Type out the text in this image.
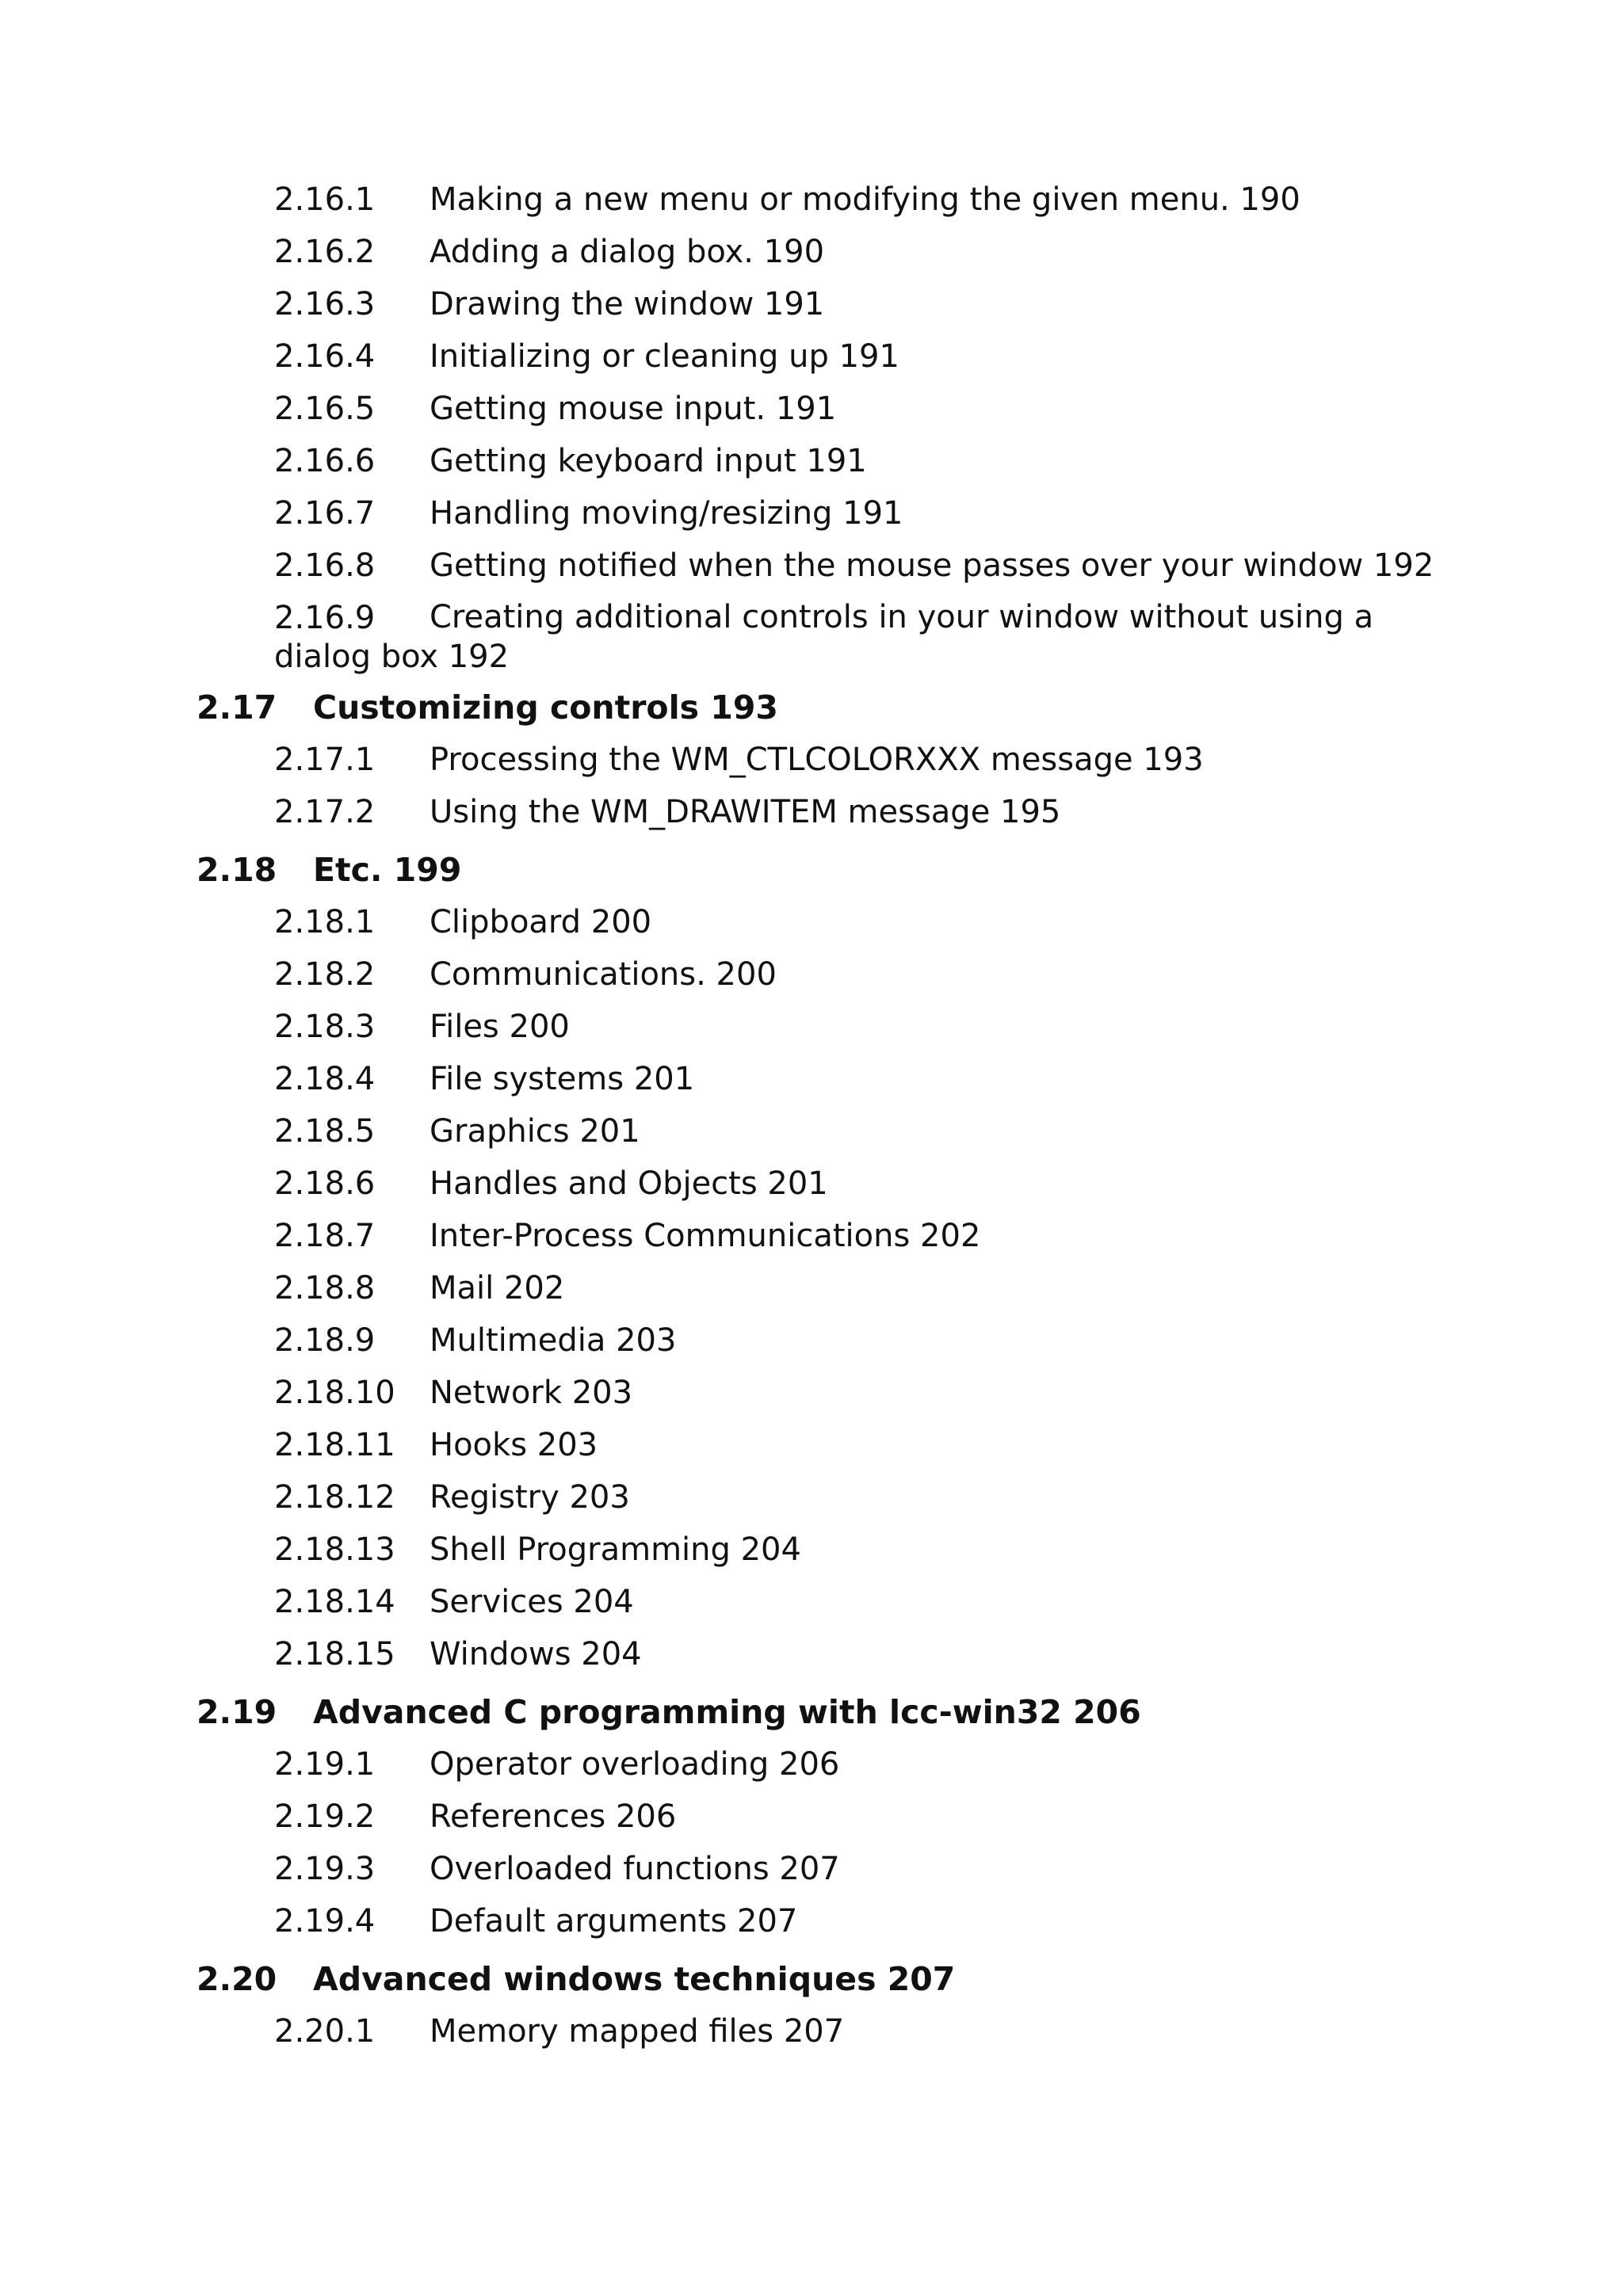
2.16.1 Making a new menu or modifying the given menu. 190
2.16.2 Adding a dialog box. 190
2.16.3 Drawing the window 191
2.16.4 Initializing or cleaning up 191
2.16.5 Getting mouse input. 191
2.16.6 Getting keyboard input 191
2.16.7 Handling moving/resizing 191
2.16.8 Getting notified when the mouse passes over your window 192
2.16.9	Creating additional controls in your window without using a dialog box 192
2.17 Customizing controls 193
2.17.1 Processing the WM_CTLCOLORXXX message 193
2.17.2 Using the WM_DRAWITEM message 195
2.18 Etc. 199
2.18.1 Clipboard 200
2.18.2 Communications. 200
2.18.3 Files 200
2.18.4 File systems 201
2.18.5 Graphics 201
2.18.6 Handles and Objects 201
2.18.7 Inter-Process Communications 202
2.18.8 Mail 202
2.18.9 Multimedia 203
2.18.10 Network 203
2.18.11 Hooks 203
2.18.12 Registry 203
2.18.13 Shell Programming 204
2.18.14 Services 204
2.18.15 Windows 204
2.19 Advanced C programming with lcc-win32 206
2.19.1 Operator overloading 206
2.19.2 References 206
2.19.3 Overloaded functions 207
2.19.4 Default arguments 207
2.20 Advanced windows techniques 207
2.20.1 Memory mapped files 207
